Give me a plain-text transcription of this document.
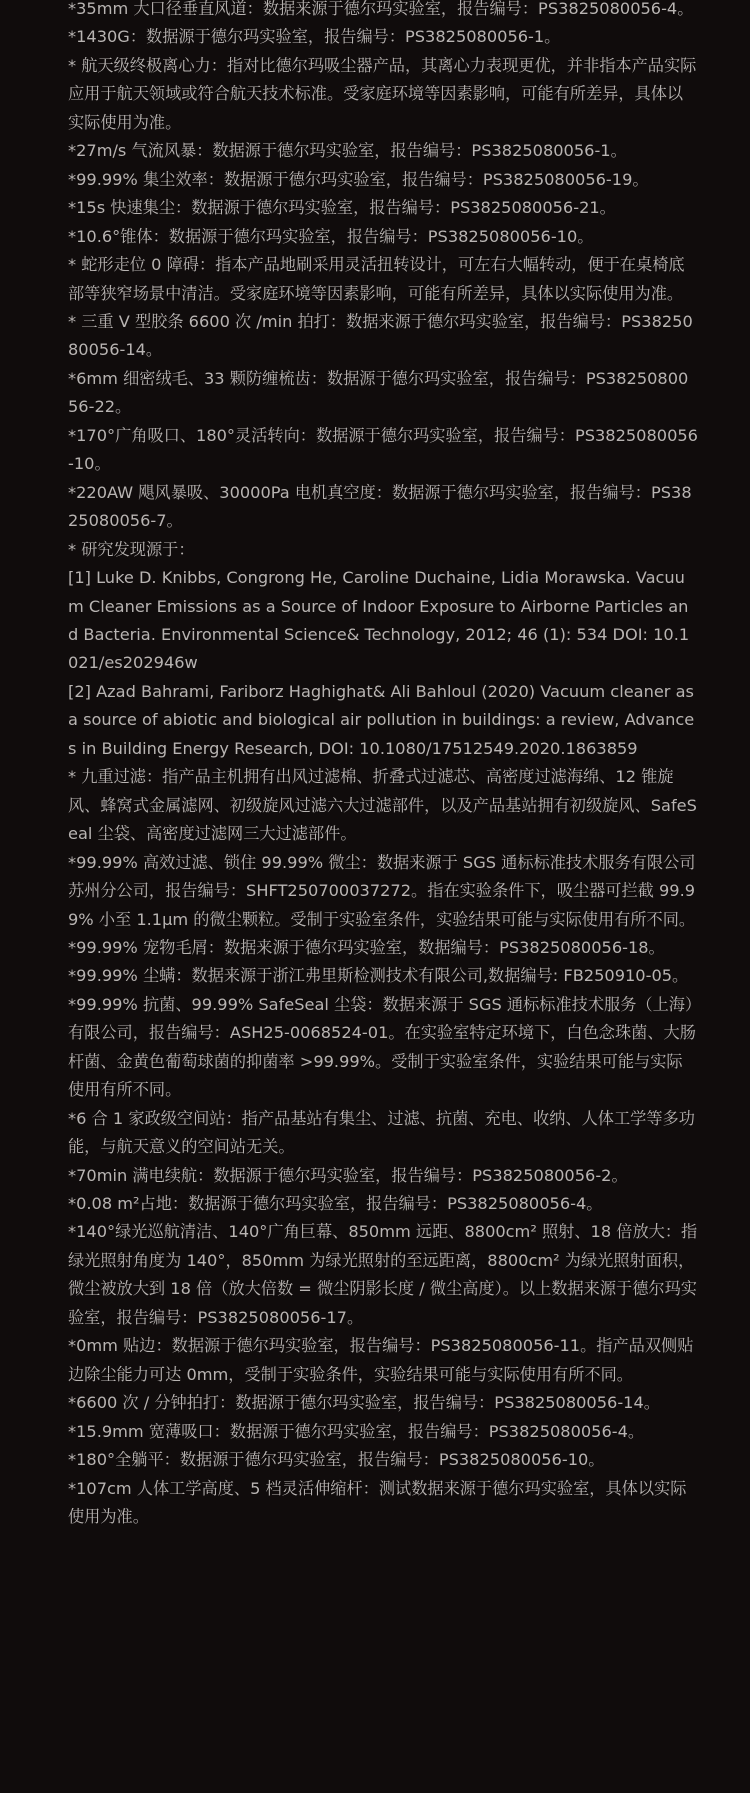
*35mm 大口径垂直风道：数据来源于德尔玛实验室，报告编号：PS3825080056-4。

*1430G：数据源于德尔玛实验室，报告编号：PS3825080056-1。

* 航天级终极离心力：指对比德尔玛吸尘器产品，其离心力表现更优，并非指本产品实际应用于航天领域或符合航天技术标准。受家庭环境等因素影响，可能有所差异，具体以实际使用为准。

*27m/s 气流风暴：数据源于德尔玛实验室，报告编号：PS3825080056-1。

*99.99% 集尘效率：数据源于德尔玛实验室，报告编号：PS3825080056-19。

*15s 快速集尘：数据源于德尔玛实验室，报告编号：PS3825080056-21。

*10.6°锥体：数据源于德尔玛实验室，报告编号：PS3825080056-10。

* 蛇形走位 0 障碍：指本产品地刷采用灵活扭转设计，可左右大幅转动，便于在桌椅底部等狭窄场景中清洁。受家庭环境等因素影响，可能有所差异，具体以实际使用为准。

* 三重 V 型胶条 6600 次 /min 拍打：数据来源于德尔玛实验室，报告编号：PS3825080056-14。

*6mm 细密绒毛、33 颗防缠梳齿：数据源于德尔玛实验室，报告编号：PS3825080056-22。

*170°广角吸口、180°灵活转向：数据源于德尔玛实验室，报告编号：PS3825080056-10。

*220AW 飓风暴吸、30000Pa 电机真空度：数据源于德尔玛实验室，报告编号：PS3825080056-7。

* 研究发现源于：

[1] Luke D. Knibbs, Congrong He, Caroline Duchaine, Lidia Morawska. Vacuum Cleaner Emissions as a Source of Indoor Exposure to Airborne Particles and Bacteria. Environmental Science& Technology, 2012; 46 (1): 534 DOI: 10.1021/es202946w

[2] Azad Bahrami, Fariborz Haghighat& Ali Bahloul (2020) Vacuum cleaner as a source of abiotic and biological air pollution in buildings: a review, Advances in Building Energy Research, DOI: 10.1080/17512549.2020.1863859

* 九重过滤：指产品主机拥有出风过滤棉、折叠式过滤芯、高密度过滤海绵、12 锥旋风、蜂窝式金属滤网、初级旋风过滤六大过滤部件，以及产品基站拥有初级旋风、SafeSeal 尘袋、高密度过滤网三大过滤部件。

*99.99% 高效过滤、锁住 99.99% 微尘：数据来源于 SGS 通标标准技术服务有限公司苏州分公司，报告编号：SHFT250700037272。指在实验条件下，吸尘器可拦截 99.99% 小至 1.1μm 的微尘颗粒。受制于实验室条件，实验结果可能与实际使用有所不同。

*99.99% 宠物毛屑：数据来源于德尔玛实验室，数据编号：PS3825080056-18。

*99.99% 尘螨：数据来源于浙江弗里斯检测技术有限公司,数据编号: FB250910-05。

*99.99% 抗菌、99.99% SafeSeal 尘袋：数据来源于 SGS 通标标准技术服务（上海）有限公司，报告编号：ASH25-0068524-01。在实验室特定环境下，白色念珠菌、大肠杆菌、金黄色葡萄球菌的抑菌率 >99.99%。受制于实验室条件，实验结果可能与实际使用有所不同。

*6 合 1 家政级空间站：指产品基站有集尘、过滤、抗菌、充电、收纳、人体工学等多功能，与航天意义的空间站无关。

*70min 满电续航：数据源于德尔玛实验室，报告编号：PS3825080056-2。

*0.08 m²占地：数据源于德尔玛实验室，报告编号：PS3825080056-4。

*140°绿光巡航清洁、140°广角巨幕、850mm 远距、8800cm² 照射、18 倍放大：指绿光照射角度为 140°，850mm 为绿光照射的至远距离，8800cm² 为绿光照射面积，微尘被放大到 18 倍（放大倍数 = 微尘阴影长度 / 微尘高度）。以上数据来源于德尔玛实验室，报告编号：PS3825080056-17。

*0mm 贴边：数据源于德尔玛实验室，报告编号：PS3825080056-11。指产品双侧贴边除尘能力可达 0mm，受制于实验条件，实验结果可能与实际使用有所不同。

*6600 次 / 分钟拍打：数据源于德尔玛实验室，报告编号：PS3825080056-14。

*15.9mm 宽薄吸口：数据源于德尔玛实验室，报告编号：PS3825080056-4。

*180°全躺平：数据源于德尔玛实验室，报告编号：PS3825080056-10。

*107cm 人体工学高度、5 档灵活伸缩杆：测试数据来源于德尔玛实验室，具体以实际使用为准。
